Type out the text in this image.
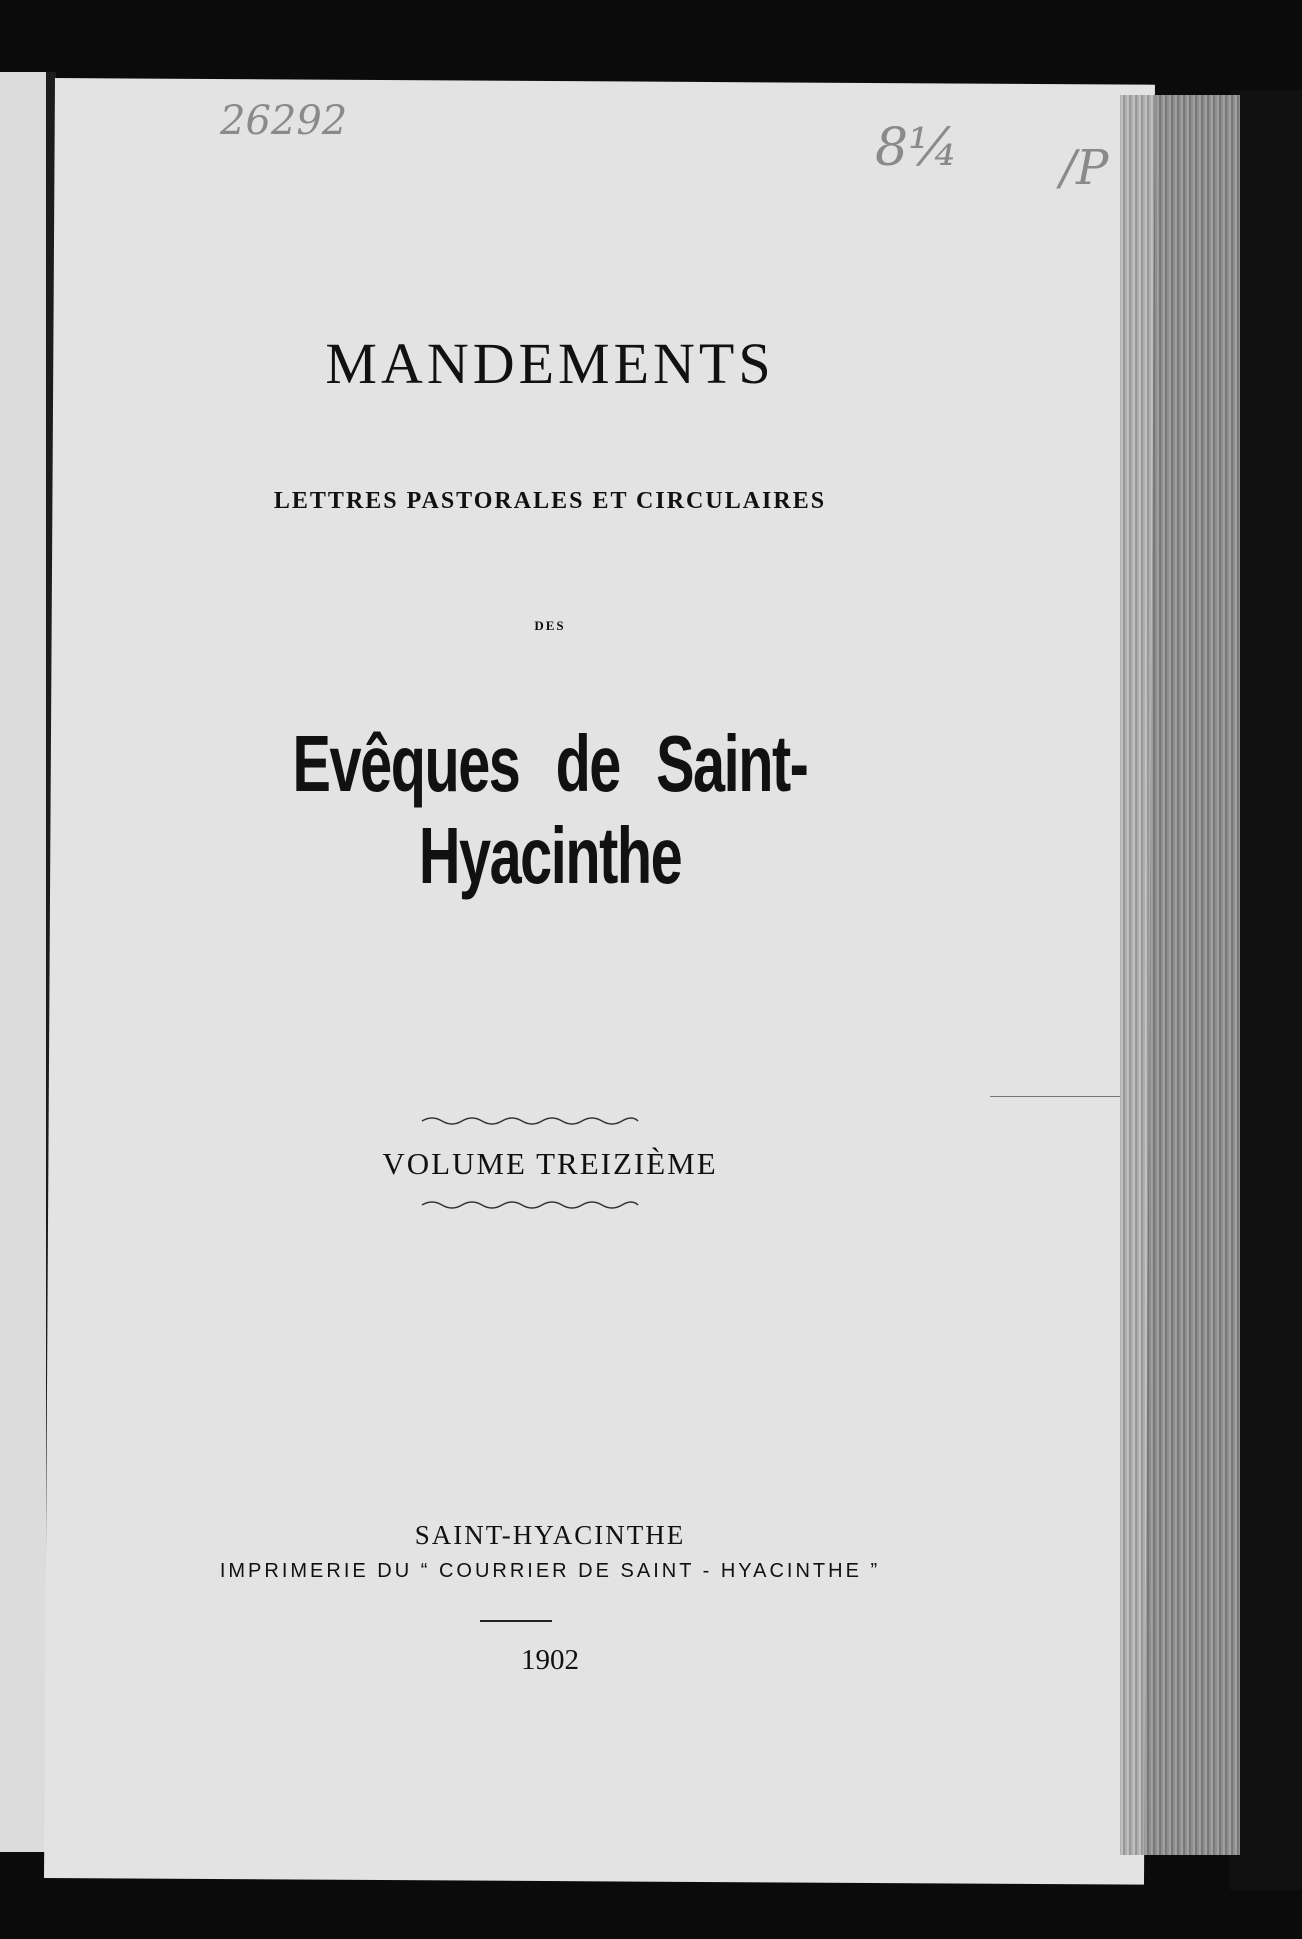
26292	8¼ /P
MANDEMENTS
LETTRES PASTORALES ET CIRCULAIRES
DES
Evêques de Saint-Hyacinthe
VOLUME TREIZIÈME
SAINT-HYACINTHE
IMPRIMERIE DU “ COURRIER DE SAINT - HYACINTHE ”
1902
